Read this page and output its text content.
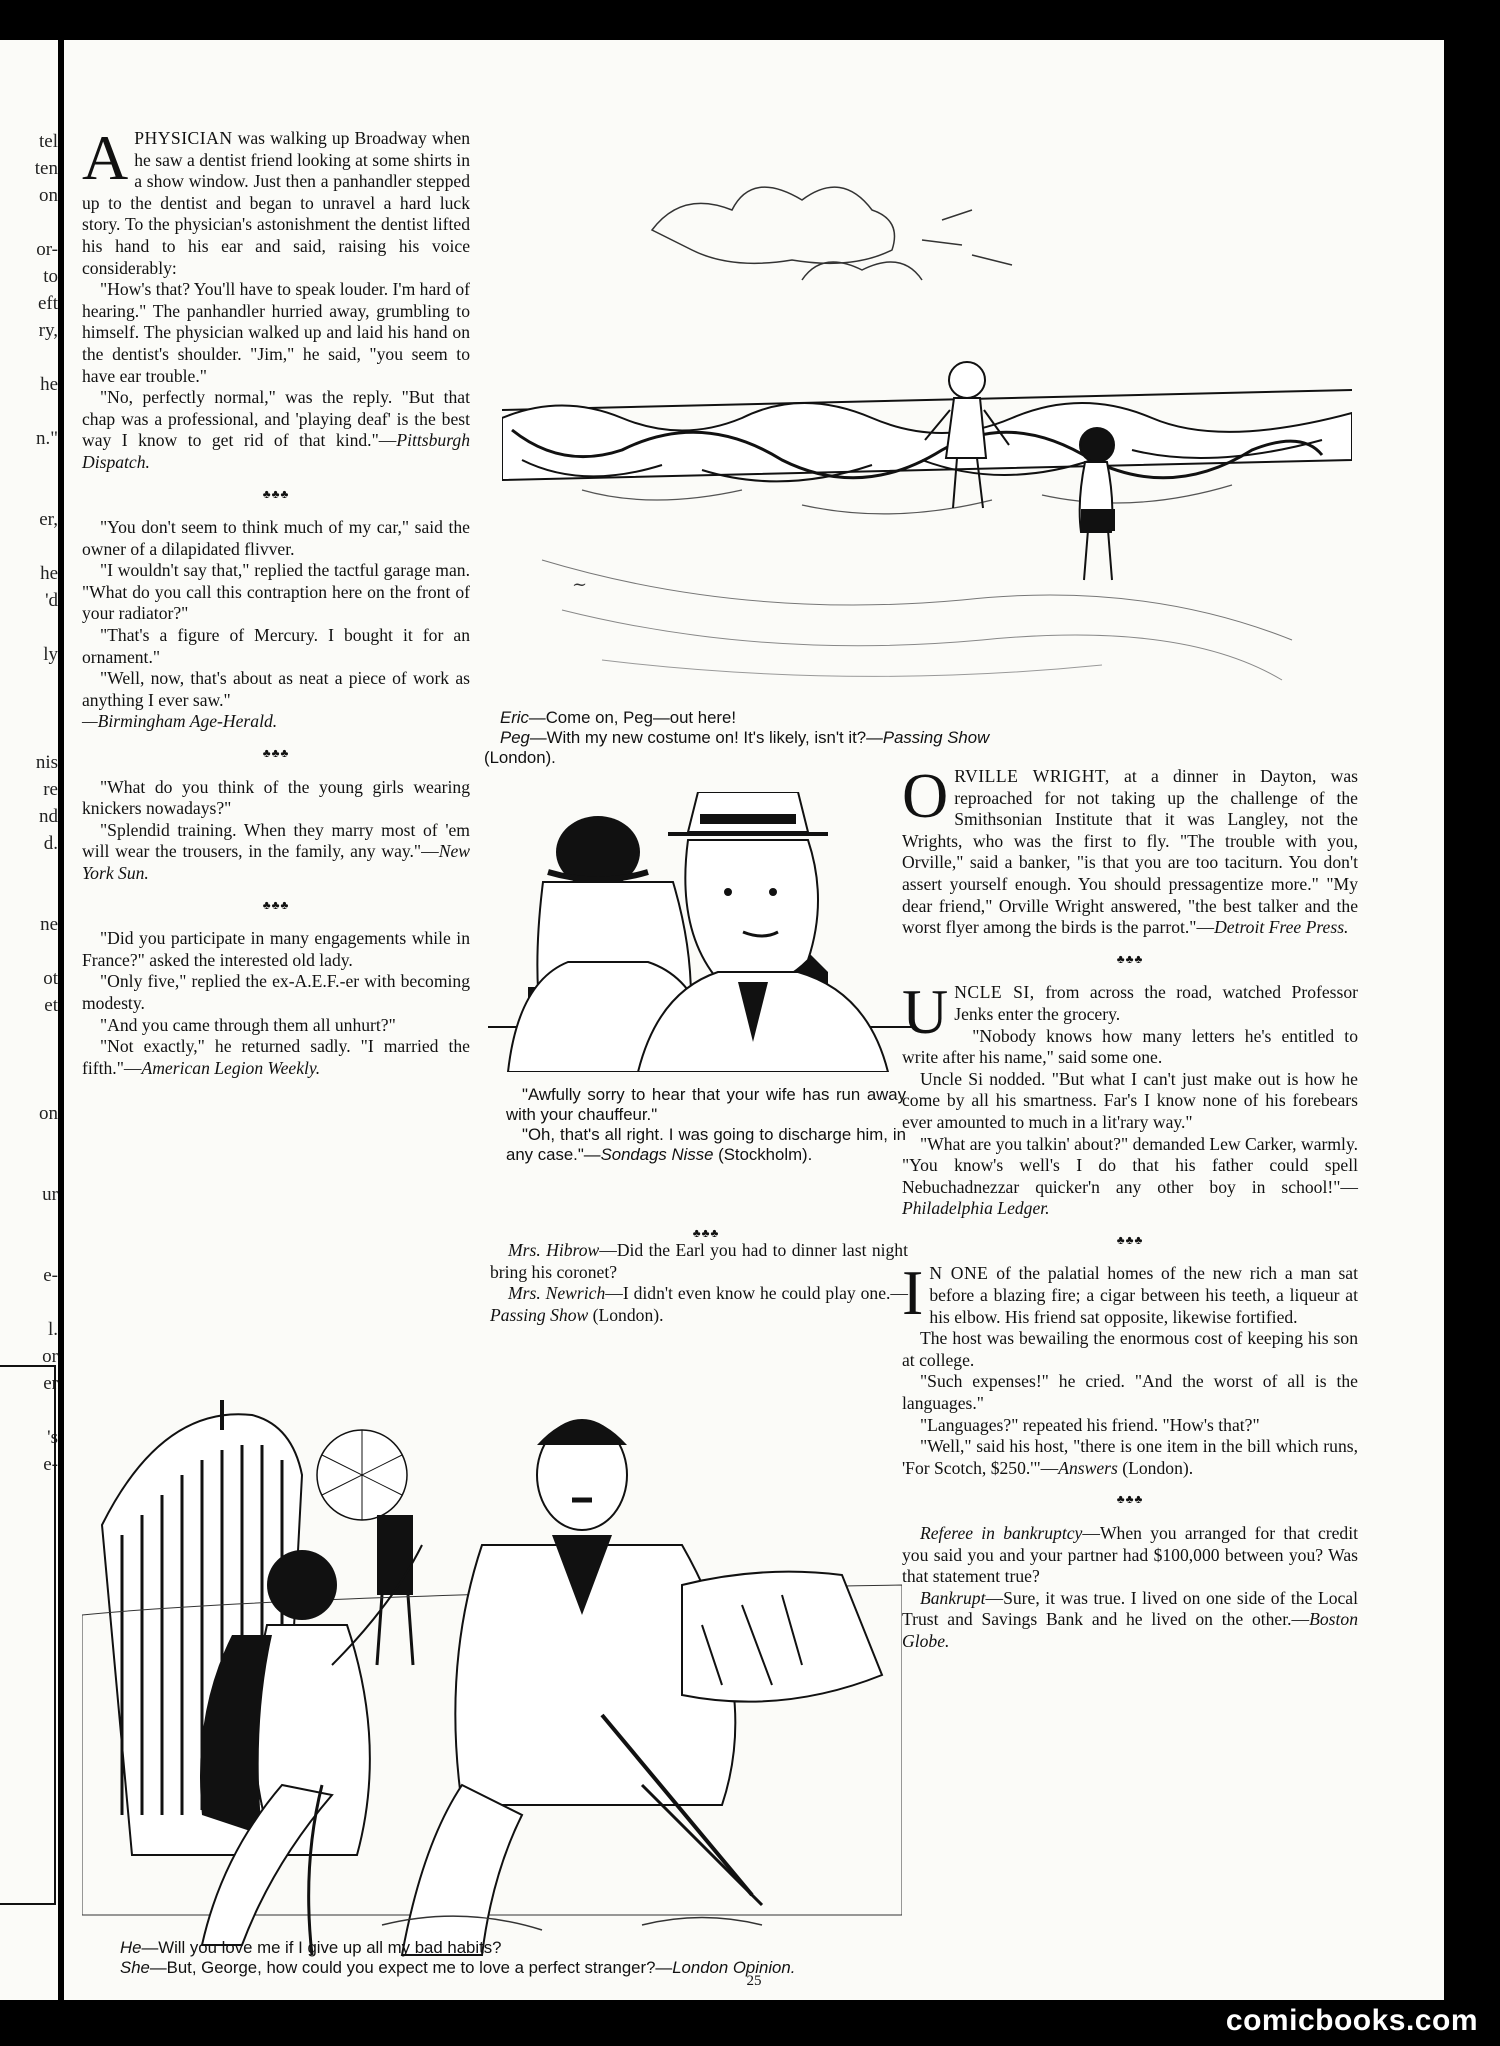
tel
ten
on

or-
to
eft
ry,

he

n."

er,

he
'd

ly

nis
re
nd
d.

ne

ot
et

on

ur

e-

l.
or
er

's
e-

APHYSICIAN was walking up Broadway when he saw a dentist friend looking at some shirts in a show window. Just then a panhandler stepped up to the dentist and began to unravel a hard luck story. To the physician's astonishment the dentist lifted his hand to his ear and said, raising his voice considerably:

"How's that? You'll have to speak louder. I'm hard of hearing." The panhandler hurried away, grumbling to himself. The physician walked up and laid his hand on the dentist's shoulder. "Jim," he said, "you seem to have ear trouble."

"No, perfectly normal," was the reply. "But that chap was a professional, and 'playing deaf' is the best way I know to get rid of that kind."—Pittsburgh Dispatch.

♣♣♣

"You don't seem to think much of my car," said the owner of a dilapidated flivver.

"I wouldn't say that," replied the tactful garage man. "What do you call this contraption here on the front of your radiator?"

"That's a figure of Mercury. I bought it for an ornament."

"Well, now, that's about as neat a piece of work as anything I ever saw."
—Birmingham Age-Herald.

♣♣♣

"What do you think of the young girls wearing knickers nowadays?"

"Splendid training. When they marry most of 'em will wear the trousers, in the family, any way."—New York Sun.

♣♣♣

"Did you participate in many engagements while in France?" asked the interested old lady.

"Only five," replied the ex-A.E.F.-er with becoming modesty.

"And you came through them all unhurt?"

"Not exactly," he returned sadly. "I married the fifth."—American Legion Weekly.

~

Eric—Come on, Peg—out here!

Peg—With my new costume on! It's likely, isn't it?—Passing Show

(London).

"Awfully sorry to hear that your wife has run away with your chauffeur."

"Oh, that's all right. I was going to discharge him, in any case."—Sondags Nisse (Stockholm).

♣♣♣

Mrs. Hibrow—Did the Earl you had to dinner last night bring his coronet?

Mrs. Newrich—I didn't even know he could play one.—Passing Show (London).

ORVILLE WRIGHT, at a dinner in Dayton, was reproached for not taking up the challenge of the Smithsonian Institute that it was Langley, not the Wrights, who was the first to fly. "The trouble with you, Orville," said a banker, "is that you are too taciturn. You don't assert yourself enough. You should pressagentize more." "My dear friend," Orville Wright answered, "the best talker and the worst flyer among the birds is the parrot."—Detroit Free Press.

♣♣♣

UNCLE SI, from across the road, watched Professor Jenks enter the grocery.

"Nobody knows how many letters he's entitled to write after his name," said some one.

Uncle Si nodded. "But what I can't just make out is how he come by all his smartness. Far's I know none of his forebears ever amounted to much in a lit'rary way."

"What are you talkin' about?" demanded Lew Carker, warmly. "You know's well's I do that his father could spell Nebuchadnezzar quicker'n any other boy in school!"—Philadelphia Ledger.

♣♣♣

I N ONE of the palatial homes of the new rich a man sat before a blazing fire; a cigar between his teeth, a liqueur at his elbow. His friend sat opposite, likewise fortified.

The host was bewailing the enormous cost of keeping his son at college.

"Such expenses!" he cried. "And the worst of all is the languages."

"Languages?" repeated his friend. "How's that?"

"Well," said his host, "there is one item in the bill which runs, 'For Scotch, $250.'"—Answers (London).

♣♣♣

Referee in bankruptcy—When you arranged for that credit you said you and your partner had $100,000 between you? Was that statement true?

Bankrupt—Sure, it was true. I lived on one side of the Local Trust and Savings Bank and he lived on the other.—Boston Globe.

He—Will you love me if I give up all my bad habits?

She—But, George, how could you expect me to love a perfect stranger?—London Opinion.

25
comicbooks.com
